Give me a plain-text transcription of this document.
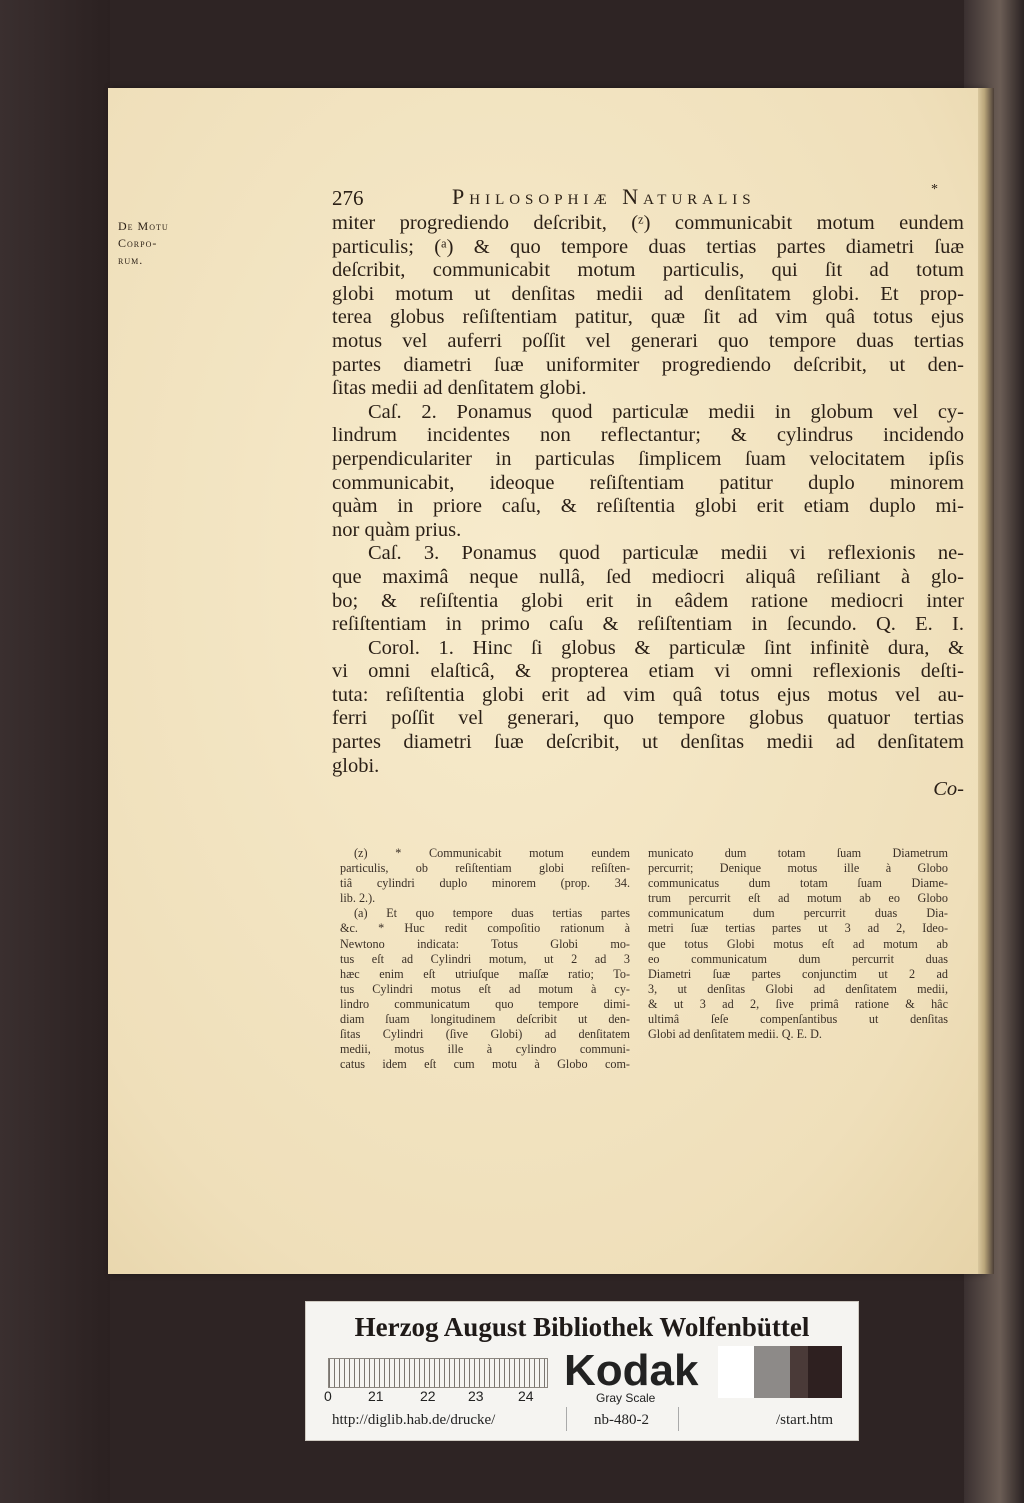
276	Philosophiæ Naturalis	*
De Motu
Corpo-
rum.
miter progrediendo deſcribit, (ᶻ) communicabit motum eundem
particulis; (ᵃ) & quo tempore duas tertias partes diametri ſuæ
deſcribit, communicabit motum particulis, qui ſit ad totum
globi motum ut denſitas medii ad denſitatem globi. Et prop-
terea globus reſiſtentiam patitur, quæ ſit ad vim quâ totus ejus
motus vel auferri poſſit vel generari quo tempore duas tertias
partes diametri ſuæ uniformiter progrediendo deſcribit, ut den-
ſitas medii ad denſitatem globi.
Caſ. 2. Ponamus quod particulæ medii in globum vel cy-
lindrum incidentes non reflectantur; & cylindrus incidendo
perpendiculariter in particulas ſimplicem ſuam velocitatem ipſis
communicabit, ideoque reſiſtentiam patitur duplo minorem
quàm in priore caſu, & reſiſtentia globi erit etiam duplo mi-
nor quàm prius.
Caſ. 3. Ponamus quod particulæ medii vi reflexionis ne-
que maximâ neque nullâ, ſed mediocri aliquâ reſiliant à glo-
bo; & reſiſtentia globi erit in eâdem ratione mediocri inter
reſiſtentiam in primo caſu & reſiſtentiam in ſecundo. Q. E. I.
Corol. 1. Hinc ſi globus & particulæ ſint infinitè dura, &
vi omni elaſticâ, & propterea etiam vi omni reflexionis deſti-
tuta: reſiſtentia globi erit ad vim quâ totus ejus motus vel au-
ferri poſſit vel generari, quo tempore globus quatuor tertias
partes diametri ſuæ deſcribit, ut denſitas medii ad denſitatem
globi.
Co-
(z) * Communicabit motum eundem
particulis, ob reſiſtentiam globi reſiſten-
tiâ cylindri duplo minorem (prop. 34.
lib. 2.).
(a) Et quo tempore duas tertias partes
&c. * Huc redit compoſitio rationum à
Newtono indicata: Totus Globi mo-
tus eſt ad Cylindri motum, ut 2 ad 3
hæc enim eſt utriuſque maſſæ ratio; To-
tus Cylindri motus eſt ad motum à cy-
lindro communicatum quo tempore dimi-
diam ſuam longitudinem deſcribit ut den-
ſitas Cylindri (ſive Globi) ad denſitatem
medii, motus ille à cylindro communi-
catus idem eſt cum motu à Globo com-
municato dum totam ſuam Diametrum
percurrit; Denique motus ille à Globo
communicatus dum totam ſuam Diame-
trum percurrit eſt ad motum ab eo Globo
communicatum dum percurrit duas Dia-
metri ſuæ tertias partes ut 3 ad 2, Ideo-
que totus Globi motus eſt ad motum ab
eo communicatum dum percurrit duas
Diametri ſuæ partes conjunctim ut 2 ad
3, ut denſitas Globi ad denſitatem medii,
& ut 3 ad 2, ſive primâ ratione & hâc
ultimâ ſeſe compenſantibus ut denſitas
Globi ad denſitatem medii. Q. E. D.
Herzog August Bibliothek Wolfenbüttel
0	21	22 23 24
Kodak
Gray Scale
http://diglib.hab.de/drucke/	nb-480-2	/start.htm
